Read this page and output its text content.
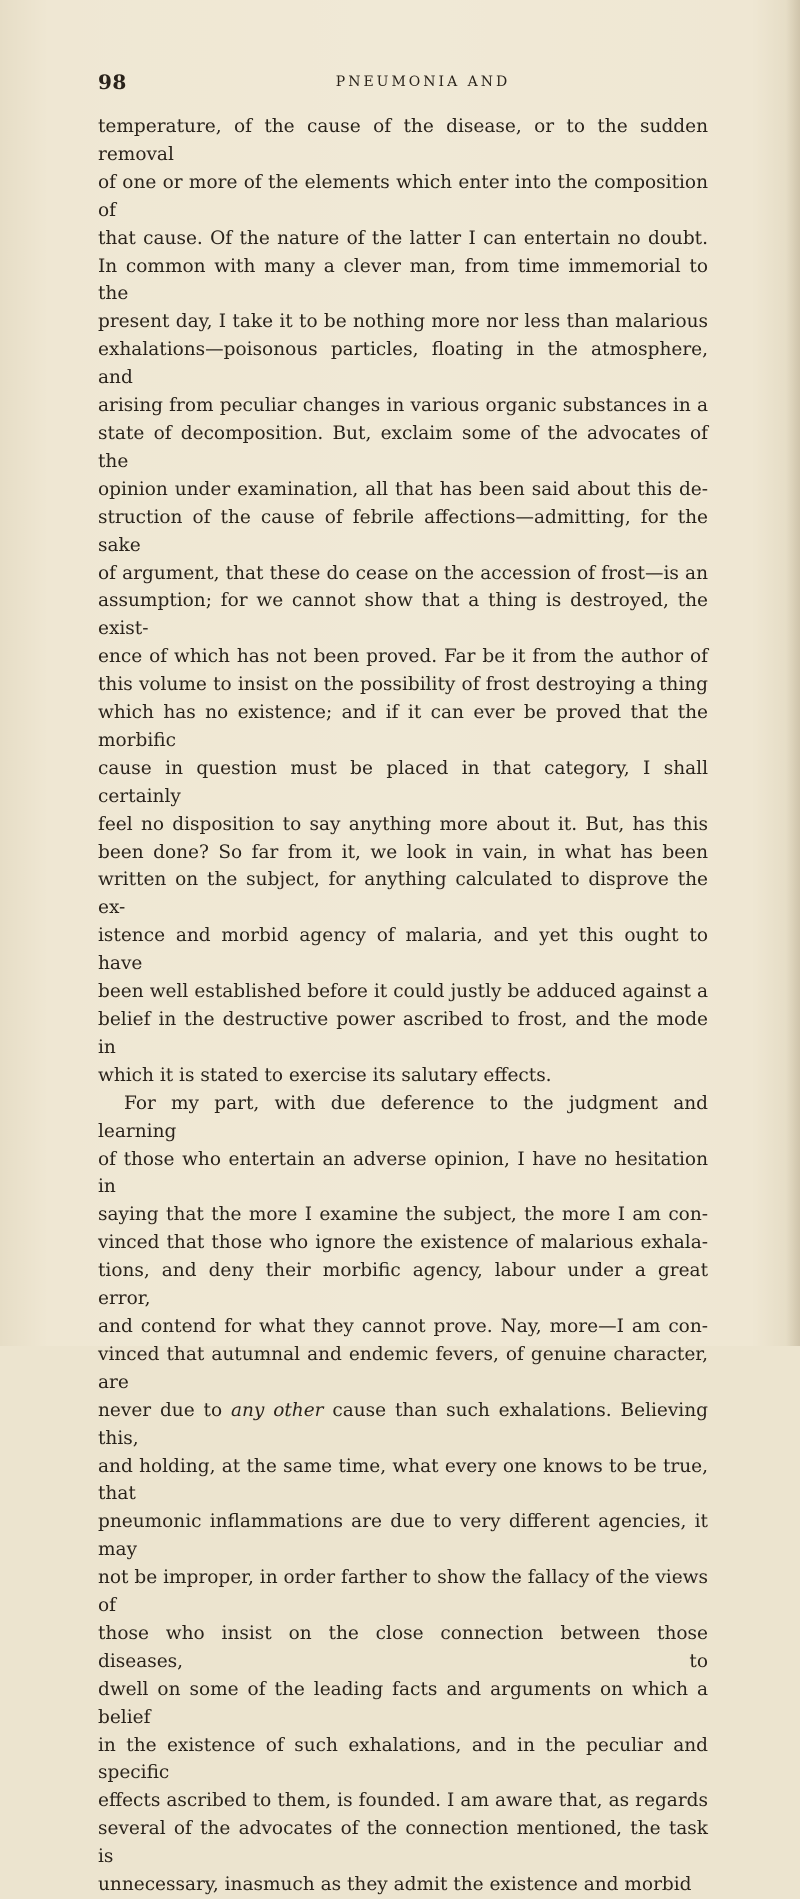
98	PNEUMONIA AND

temperature, of the cause of the disease, or to the sudden removal

of one or more of the elements which enter into the composition of

that cause. Of the nature of the latter I can entertain no doubt.

In common with many a clever man, from time immemorial to the

present day, I take it to be nothing more nor less than malarious

exhalations—poisonous particles, floating in the atmosphere, and

arising from peculiar changes in various organic substances in a

state of decomposition. But, exclaim some of the advocates of the

opinion under examination, all that has been said about this de-

struction of the cause of febrile affections—admitting, for the sake

of argument, that these do cease on the accession of frost—is an

assumption; for we cannot show that a thing is destroyed, the exist-

ence of which has not been proved. Far be it from the author of

this volume to insist on the possibility of frost destroying a thing

which has no existence; and if it can ever be proved that the morbific

cause in question must be placed in that category, I shall certainly

feel no disposition to say anything more about it. But, has this

been done? So far from it, we look in vain, in what has been

written on the subject, for anything calculated to disprove the ex-

istence and morbid agency of malaria, and yet this ought to have

been well established before it could justly be adduced against a

belief in the destructive power ascribed to frost, and the mode in

which it is stated to exercise its salutary effects.

For my part, with due deference to the judgment and learning

of those who entertain an adverse opinion, I have no hesitation in

saying that the more I examine the subject, the more I am con-

vinced that those who ignore the existence of malarious exhala-

tions, and deny their morbific agency, labour under a great error,

and contend for what they cannot prove. Nay, more—I am con-

vinced that autumnal and endemic fevers, of genuine character, are

never due to any other cause than such exhalations. Believing this,

and holding, at the same time, what every one knows to be true, that

pneumonic inflammations are due to very different agencies, it may

not be improper, in order farther to show the fallacy of the views of

those who insist on the close connection between those diseases, to

dwell on some of the leading facts and arguments on which a belief

in the existence of such exhalations, and in the peculiar and specific

effects ascribed to them, is founded. I am aware that, as regards

several of the advocates of the connection mentioned, the task is

unnecessary, inasmuch as they admit the existence and morbid
